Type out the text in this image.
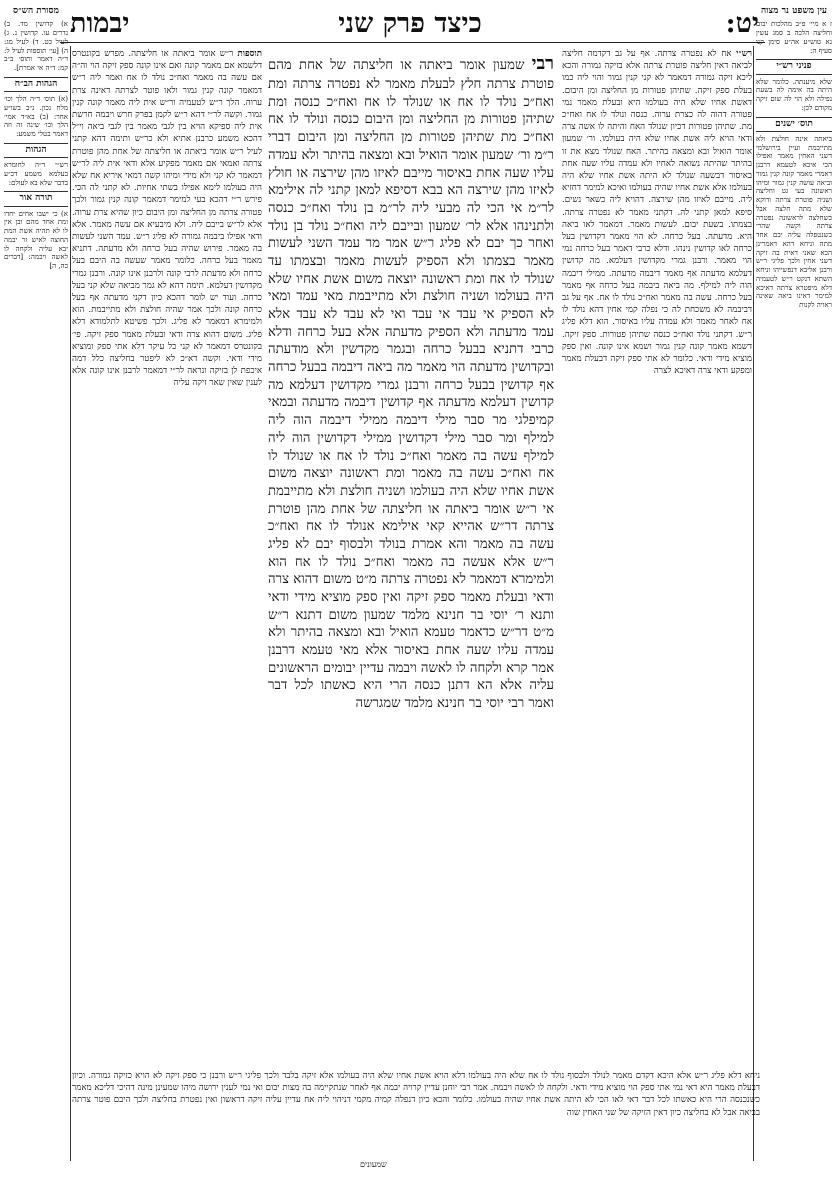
יט:
כיצד פרק שני
יבמות	עין משפט נר מצוה
ז א מיי׳ פ״ב מהלכות יבום וחליצה הלכה ב סמג עשין נא טוש״ע אה״ע סימן קנו סעיף ה:
פניני רש״י
שלא מיענתה. כלומר שלא היתה בה אימה לה בשעת נפילה ולא הוי לה שום זיקה מקודם לכן:
תוס׳ ישנים
ביאתה אינה חולצת ולא מתייבמת ועיין בירושלמי דשני האחין מאמר ואפילו הכי איכא לטעמא דרבנן דאמרי מאמר קונה קנין גמור וביאה עושה קנין גמור ומיהו ראשונה בעי גט וחליצה ושניה פוטרת צרתה ודוקא שלא מתה חלצה אבל כשחלצה לראשונה נפטרה צרתה וקשה שהרי כשנטפלה עליה יבם אחד מתה וניחא דהא דאמרינן הכא שאני דאית בה זיקה דשני אחין ולכך פליגי ר״ש ורבנן אליבא דנפשייהו וניחא השתא דנקט ר״ש לטעמיה דלא מיפטרא צרתה דאיכא למימר דאינו ביאה שאינה ראויה לקנות
מסורת הש״ס
א) קדושין מד. ב) נדרים עו. קדושין נ. ג) לעיל כט. ד) לעיל מג: ה) [עי׳ תוספות לעיל ל: ד״ה דאמר ותוס׳ ב״ב קמ: ד״ה אי אמרת].
הגהות הב״ח
(א) תוס׳ ד״ה הלך וכו׳ מלח נכון. נ״ב בשו״ע אחר: (ב) בא״ד אמי׳ הלך וכו׳ שינה זה וזה דאמר בטלי משמע:
הגהות
רש״י ד״ה לחומרא בעלמא משמע דכ״ע בדבר שלא בא לעולם:
תורה אור
א) כי ישבו אחים יחדו ומת אחד מהם ובן אין לו לא תהיה אשת המת החוצה לאיש זר יבמה יבא עליה ולקחה לו לאשה ויבמה: [דברים כה, ה]
רש״י אח לא נפטרה צרתה. אף על גב דקדמה חליצה לביאה דאין חליצה פוטרת צרתה אלא בזיקה גמורה והכא ליכא זיקה גמורה דמאמר לא קני קנין גמור והוי ליה כמו בעלת ספק זיקה. שתיהן פטורות מן החליצה ומן היבום. דאשת אחיו שלא היה בעולמו היא ובעלת מאמר נמי פטורה דהוה לה כצרת ערוה. כנסה ונולד לו אח ואח״כ מת. שתיהן פטורות דכיון שנולד האח והיתה לו אשה צרה ודאי הויא ליה אשת אחיו שלא היה בעולמו. ור׳ שמעון אומר הואיל ובא ומצאה בהיתר. האח שנולד מצא את זו בהיתר שהיתה נשואה לאחיו ולא עמדה עליו שעה אחת באיסור דבשעה שנולד לא היתה אשת אחיו שלא היה בעולמו אלא אשת אחיו שהיה בעולמו ואיכא למימר דחזיא ליה. מייבם לאיזו מהן שירצה. דהויא ליה כשאר נשים. סיפא למאן קתני לה. דקתני מאמר לא נפטרה צרתה. בצמתו. בשעת יבום. לעשות מאמר. דמאמר לאו ביאה היא. מדעתה. בעל כרחה. לא הוי מאמר דקדושין בעל כרחה לאו קדושין נינהו. ודלא כרבי דאמר בעל כרחה נמי הוי מאמר. ורבנן גמרי מקדושין דעלמא. מה קדושין דעלמא מדעתה אף מאמר דיבמה מדעתה. ממילי דיבמה הוה ליה למילף. מה ביאה ביבמה בעל כרחה אף מאמר בעל כרחה. עשה בה מאמר ואח״כ נולד לו אח. אף על גב דביבמה לא משכחת לה כי נפלה קמי אחין דהא נולד לו אח לאחר מאמר ולא עמדה עליו באיסור. הוא דלא פליג ר״ש. דקתני נולד ואח״כ כנסה שתיהן פטורות. ספק זיקה. דשמא מאמר קונה קנין גמור ושמא אינו קונה. ואין ספק מוציא מידי ודאי. כלומר לא אתי ספק זיקה דבעלת מאמר ומפקע ודאי צרה דאיכא לצרה
רבי שמעון אומר ביאתה או חליצתה של אחת מהם פוטרת צרתה חלץ לבעלת מאמר לא נפטרה צרתה ומת ואח״כ נולד לו אח או שנולד לו אח ואח״כ כנסה ומת שתיהן פטורות מן החליצה ומן היבום כנסה ונולד לו אח ואח״כ מת שתיהן פטורות מן החליצה ומן היבום דברי ר״מ ור׳ שמעון אומר הואיל ובא ומצאה בהיתר ולא עמדה עליו שעה אחת באיסור מייבם לאיזו מהן שירצה או חולץ לאיזו מהן שירצה הא בבא דסיפא למאן קתני לה אילימא לר״מ אי הכי לה מבעי ליה לר״מ בן נולד ואח״כ כנסה ולתנינהו אלא לר׳ שמעון ובייבם ליה ואח״כ נולד בן נולד ואחר כך יבם לא פליג ר״ש אמר מר עמד השני לעשות מאמר בצמתו ולא הספיק לעשות מאמר ובצמתו עד שנולד לו אח ומת ראשונה יוצאה משום אשת אחיו שלא היה בעולמו ושניה חולצת ולא מתייבמת מאי עמד ומאי לא הספיק אי עבד אי עבד ואי לא עבד לא עבד אלא עמד מדעתה ולא הספיק מדעתה אלא בעל כרחה ודלא כרבי דתניא בבעל כרחה ובגמר מקדשין ולא מודעתה ובקדושין מדעתה הוי מאמר מה ביאה דיבמה בבעל כרחה אף קדושין בבעל כרחה ורבנן גמרי מקדושין דעלמא מה קדושין דעלמא מדעתה אף קדושין דיבמה מדעתה ובמאי קמיפלגי מר סבר מילי דיבמה ממילי דיבמה הוה ליה למילף ומר סבר מילי דקדושין ממילי דקדושין הוה ליה למילף עשה בה מאמר ואח״כ נולד לו אח או שנולד לו אח ואח״כ עשה בה מאמר ומת ראשונה יוצאה משום אשת אחיו שלא היה בעולמו ושניה חולצת ולא מתייבמת אי ר״ש אומר ביאתה או חליצתה של אחת מהן פוטרת צרתה דר״ש אהייא קאי אילימא אנולד לו אח ואח״כ עשה בה מאמר והא אמרת בנולד ולבסוף יבם לא פליג ר״ש אלא אעשה בה מאמר ואח״כ נולד לו אח הוא ולמימרא דמאמר לא נפטרה צרתה מ״ט משום דהוא צרה ודאי ובעלת מאמר ספק זיקה ואין ספק מוציא מידי ודאי ותנא ר׳ יוסי בר חנינא מלמד שמעון משום דתנא ר״ש מ״ט דר״ש כדאמר טעמא הואיל ובא ומצאה בהיתר ולא עמדה עליו שעה אחת באיסור אלא מאי טעמא דרבנן אמר קרא ולקחה לו לאשה ויבמה עדיין יבומים הראשונים עליה אלא הא דתנן כנסה הרי היא כאשתו לכל דבר ואמר רבי יוסי בר חנינא מלמד שמגרשה
תוספות ר״ש אומר ביאתה או חליצתה. מפרש בקונטרס דלשמא אם מאמר קונה ואם אינו קונה ספק זיקה הוי וה״ה אם עשה בה מאמר ואח״כ נולד לו אח ואמר ליה ר״ש דמאמר קונה קנין גמור ולאו פוטר לצרתה דאינה צרת ערוה. הלך ר״ש לטעמיה ור״ש אית ליה מאמר קונה קנין גמור. וקשה לר״י דהא ר״ש לקמן בפרק חרש ויבמה חרשת אית ליה ספיקא הויא בין לגבי מאמר בין לגבי ביאה וי״ל דהכא משמע כרבנן אתיא ולא כר״ש ותימה דהא קתני לעיל ר״ש אומר ביאתה או חליצתה של אחת מהן פוטרת צרתה ואמאי אם מאמר מפקיע אלא ודאי אית ליה לר״ש דמאמר לא קני ולא מידי ומיהו קשה דמאי איריא אח שלא היה בעולמו לימא אפילו בשתי אחיות. לא קתני לה הכי. פירש ר״י דהכא בעי למימר דמאמר קונה קנין גמור ולכך פטורה צרתה מן החליצה ומן היבום כיון שהיא צרת ערוה. אלא לר״ש בייבם ליה. ולא מיבעיא אם עשה מאמר. אלא ודאי אפילו ביבמה גמורה לא פליג ר״ש. עמד השני לעשות בה מאמר. פירוש שהיה בעל כרחה ולא מדעתה. דתניא מאמר בעל כרחה. כלומר מאמר שעשה בה היבם בעל כרחה ולא מדעתה לרבי קונה ולרבנן אינו קונה. ורבנן גמרי מקדושין דעלמא. תימה דהא לא גמר מביאה שלא קני בעל כרחה. ועוד יש לומר דהכא כיון דקני מדעתה אף בעל כרחה קונה ולכך אמר שהיה חולצת ולא מתייבמת. הוא ולמימרא דמאמר לא פליג. ולכך פשיטא לתלמודא דלא פליג. משום דהוא צרה ודאי ובעלת מאמר ספק זיקה. פי׳ בקונטרס דמאמר לא קני כל עיקר דלא אתי ספק ומוציא מידי ודאי. וקשה דא״כ לא ליפטר בחליצה כלל דמה איכפת לן בזיקה ונראה לר״י דמאמר לרבנן אינו קונה אלא לענין שאין שאר זיקה עליה
ניחא דלא פליג ר״ש אלא היכא דקדם מאמר לנולד ולבסוף נולד לו אח שלא היה בעולמו דלא הויא אשת אחיו שלא היה בעולמו אלא זיקה בלבד ולכך פליגי ר״ש ורבנן כי ספק זיקה לא הויא כזיקה גמורה. וכיון דבעלת מאמר היא דאי נמי אתי ספק הוי מוציא מידי ודאי. ולקחה לו לאשה ויבמה. אמר רבי יוחנן עדיין קרויה יבמה אף לאחר שנתקיימה בה מצות יבום ואי נמי לענין ירושה מיהו שמעינן מינה דהיכי דליכא מאמר כשנכנסה הרי היא כאשתו לכל דבר דאי לאו הכי לא היתה אשת אחיו שהיה בעולמו. כלומר והכא כיון דנפלה קמיה מקמי דניהוי ליה אח עדיין עליה זיקה דראשון ואין נפטרת בחליצה ולכך היבם פוטר צרתה בביאה אבל לא בחליצה כיון דאין הזיקה של שני האחין שוה
שמעונים
